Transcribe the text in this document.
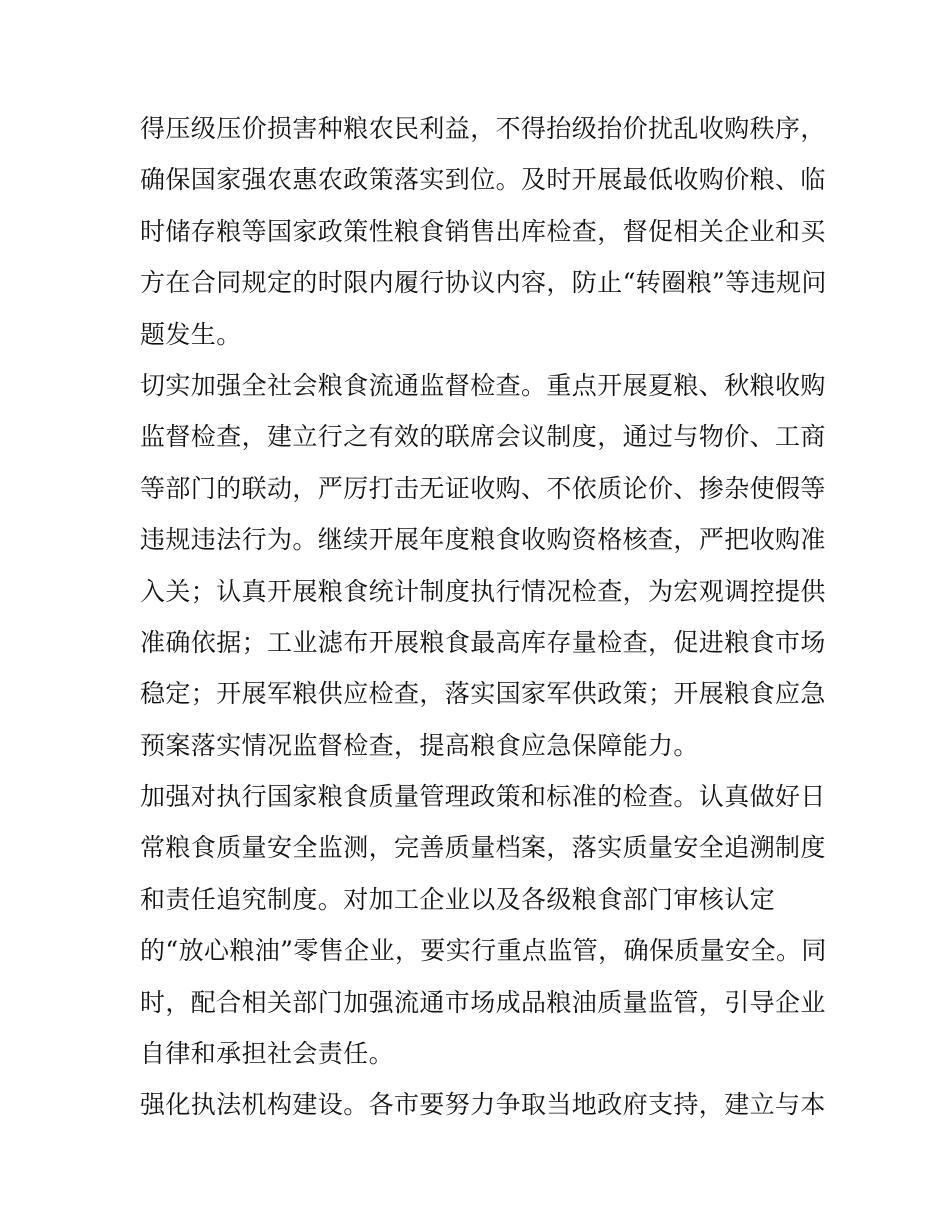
得压级压价损害种粮农民利益，不得抬级抬价扰乱收购秩序，
确保国家强农惠农政策落实到位。及时开展最低收购价粮、临
时储存粮等国家政策性粮食销售出库检查，督促相关企业和买
方在合同规定的时限内履行协议内容，防止“转圈粮”等违规问
题发生。
切实加强全社会粮食流通监督检查。重点开展夏粮、秋粮收购
监督检查，建立行之有效的联席会议制度，通过与物价、工商
等部门的联动，严厉打击无证收购、不依质论价、掺杂使假等
违规违法行为。继续开展年度粮食收购资格核查，严把收购准
入关；认真开展粮食统计制度执行情况检查，为宏观调控提供
准确依据；工业滤布开展粮食最高库存量检查，促进粮食市场
稳定；开展军粮供应检查，落实国家军供政策；开展粮食应急
预案落实情况监督检查，提高粮食应急保障能力。
加强对执行国家粮食质量管理政策和标准的检查。认真做好日
常粮食质量安全监测，完善质量档案，落实质量安全追溯制度
和责任追究制度。对加工企业以及各级粮食部门审核认定
的“放心粮油”零售企业，要实行重点监管，确保质量安全。同
时，配合相关部门加强流通市场成品粮油质量监管，引导企业
自律和承担社会责任。
强化执法机构建设。各市要努力争取当地政府支持，建立与本
